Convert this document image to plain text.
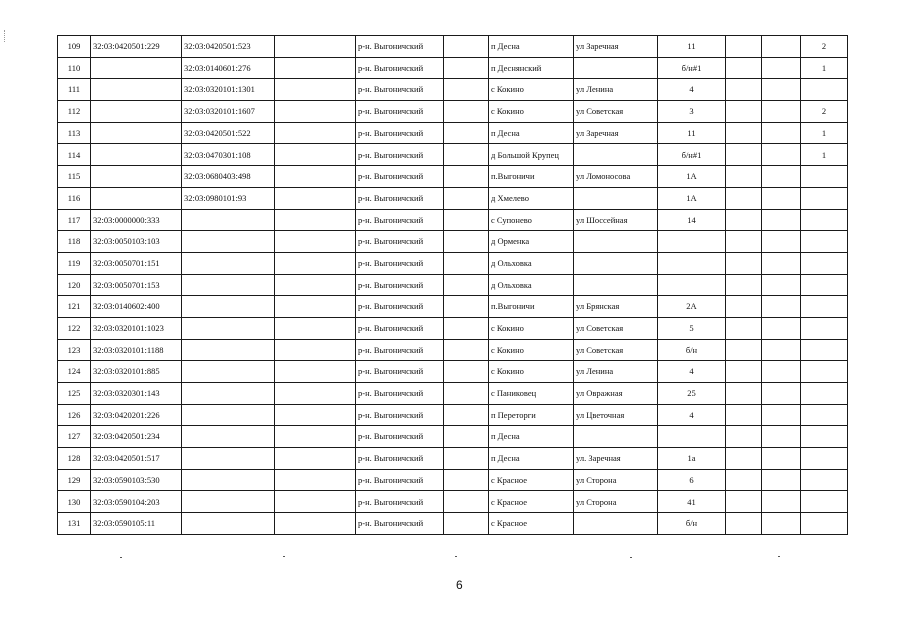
109	32:03:0420501:229	32:03:0420501:523		р-н. Выгоничский		п Десна	ул Заречная	11			2
110		32:03:0140601:276		р-н. Выгоничский		п Деснянский		б/н#1			1
111		32:03:0320101:1301		р-н. Выгоничский		с Кокино	ул Ленина	4			
112		32:03:0320101:1607		р-н. Выгоничский		с Кокино	ул Советская	3			2
113		32:03:0420501:522		р-н. Выгоничский		п Десна	ул Заречная	11			1
114		32:03:0470301:108		р-н. Выгоничский		д Большой Крупец		б/н#1			1
115		32:03:0680403:498		р-н. Выгоничский		п.Выгоничи	ул Ломоносова	1А			
116		32:03:0980101:93		р-н. Выгоничский		д Хмелево		1А			
117	32:03:0000000:333			р-н. Выгоничский		с Супонево	ул Шоссейная	14			
118	32:03:0050103:103			р-н. Выгоничский		д Орменка					
119	32:03:0050701:151			р-н. Выгоничский		д Ольховка					
120	32:03:0050701:153			р-н. Выгоничский		д Ольховка					
121	32:03:0140602:400			р-н. Выгоничский		п.Выгоничи	ул Брянская	2А			
122	32:03:0320101:1023			р-н. Выгоничский		с Кокино	ул Советская	5			
123	32:03:0320101:1188			р-н. Выгоничский		с Кокино	ул Советская	б/н			
124	32:03:0320101:885			р-н. Выгоничский		с Кокино	ул Ленина	4			
125	32:03:0320301:143			р-н. Выгоничский		с Паниковец	ул Овражная	25			
126	32:03:0420201:226			р-н. Выгоничский		п Переторги	ул Цветочная	4			
127	32:03:0420501:234			р-н. Выгоничский		п Десна					
128	32:03:0420501:517			р-н. Выгоничский		п Десна	ул. Заречная	1а			
129	32:03:0590103:530			р-н. Выгоничский		с Красное	ул Сторона	6			
130	32:03:0590104:203			р-н. Выгоничский		с Красное	ул Сторона	41			
131	32:03:0590105:11			р-н. Выгоничский		с Красное		б/н			
6
